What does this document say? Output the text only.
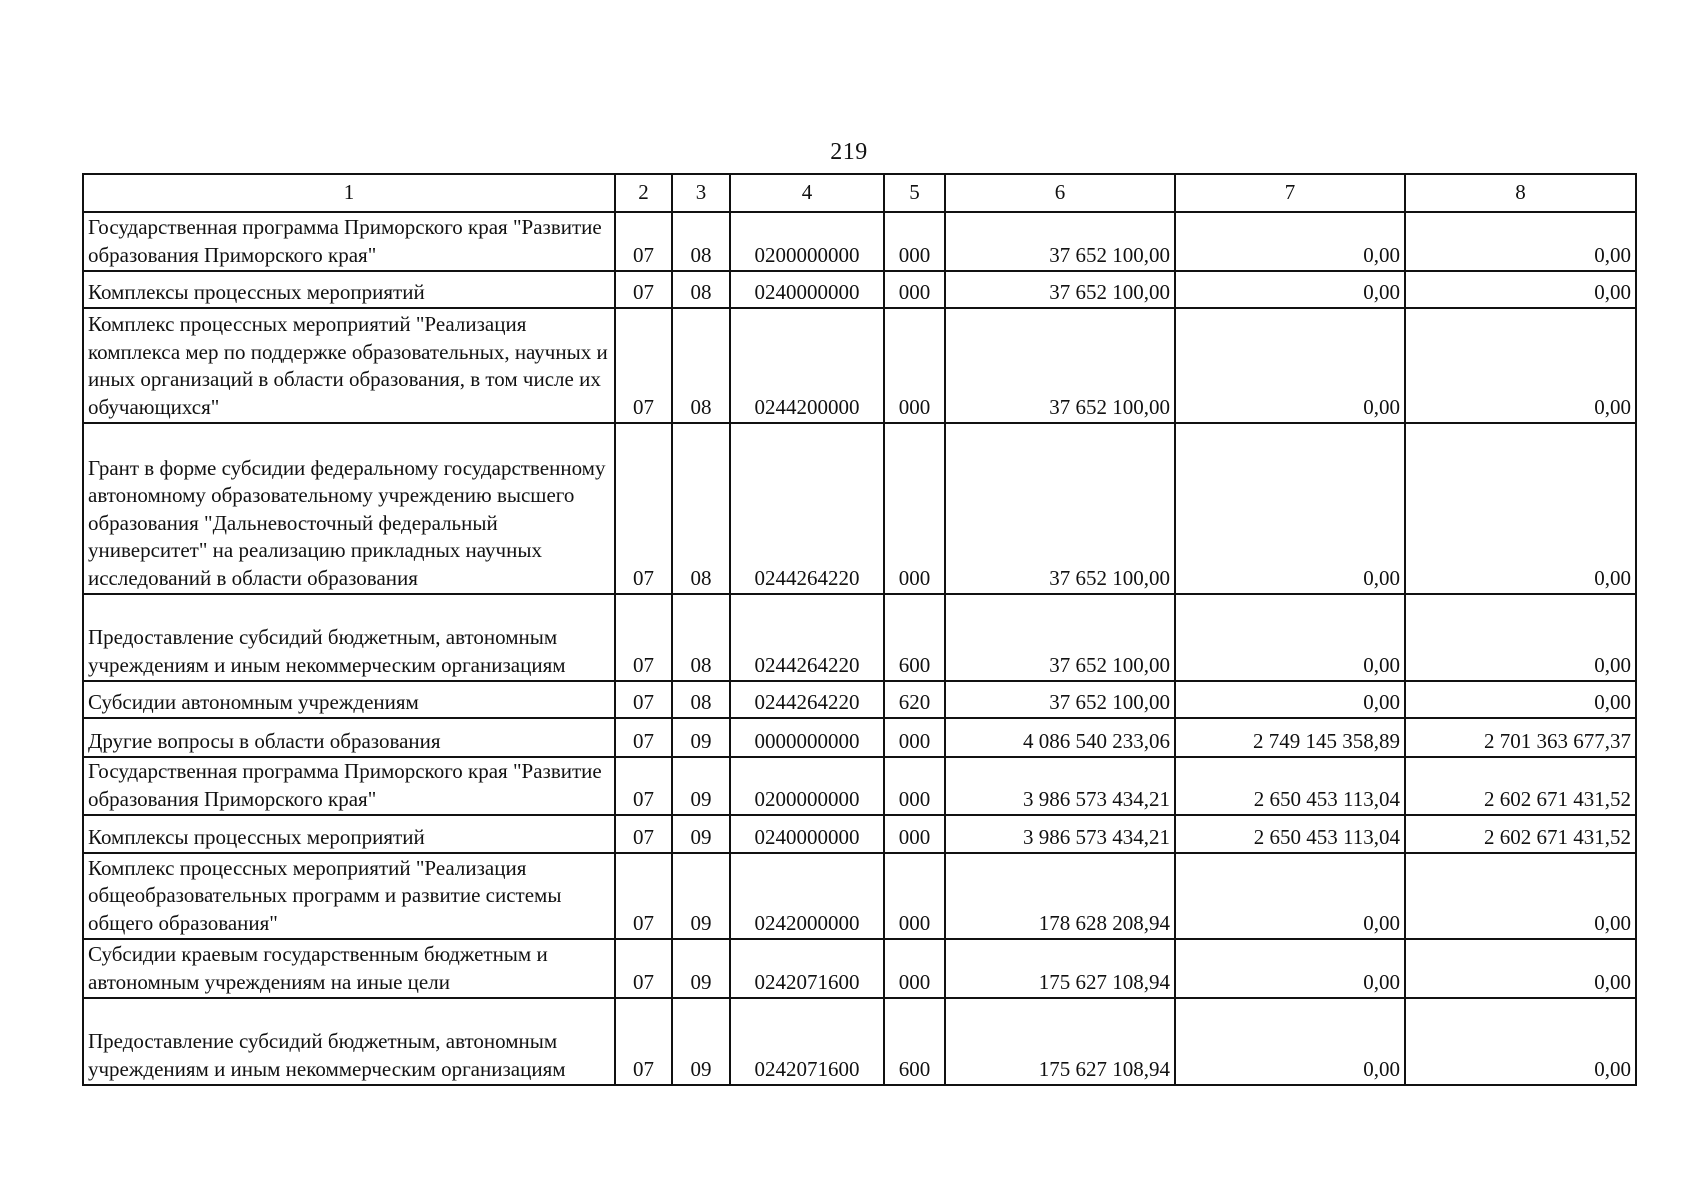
219
1	2	3	4	5	6	7	8
Государственная программа Приморского края "Развитие образования Приморского края"	07	08	0200000000	000	37 652 100,00	0,00	0,00
Комплексы процессных мероприятий	07	08	0240000000	000	37 652 100,00	0,00	0,00
Комплекс процессных мероприятий "Реализация комплекса мер по поддержке образовательных, научных и иных организаций в области образования, в том числе их обучающихся"	07	08	0244200000	000	37 652 100,00	0,00	0,00
Грант в форме субсидии федеральному государственному автономному образовательному учреждению высшего образования "Дальневосточный федеральный университет" на реализацию прикладных научных исследований в области образования	07	08	0244264220	000	37 652 100,00	0,00	0,00
Предоставление субсидий бюджетным, автономным учреждениям и иным некоммерческим организациям	07	08	0244264220	600	37 652 100,00	0,00	0,00
Субсидии автономным учреждениям	07	08	0244264220	620	37 652 100,00	0,00	0,00
Другие вопросы в области образования	07	09	0000000000	000	4 086 540 233,06	2 749 145 358,89	2 701 363 677,37
Государственная программа Приморского края "Развитие образования Приморского края"	07	09	0200000000	000	3 986 573 434,21	2 650 453 113,04	2 602 671 431,52
Комплексы процессных мероприятий	07	09	0240000000	000	3 986 573 434,21	2 650 453 113,04	2 602 671 431,52
Комплекс процессных мероприятий "Реализация общеобразовательных программ и развитие системы общего образования"	07	09	0242000000	000	178 628 208,94	0,00	0,00
Субсидии краевым государственным бюджетным и автономным учреждениям на иные цели	07	09	0242071600	000	175 627 108,94	0,00	0,00
Предоставление субсидий бюджетным, автономным учреждениям и иным некоммерческим организациям	07	09	0242071600	600	175 627 108,94	0,00	0,00
